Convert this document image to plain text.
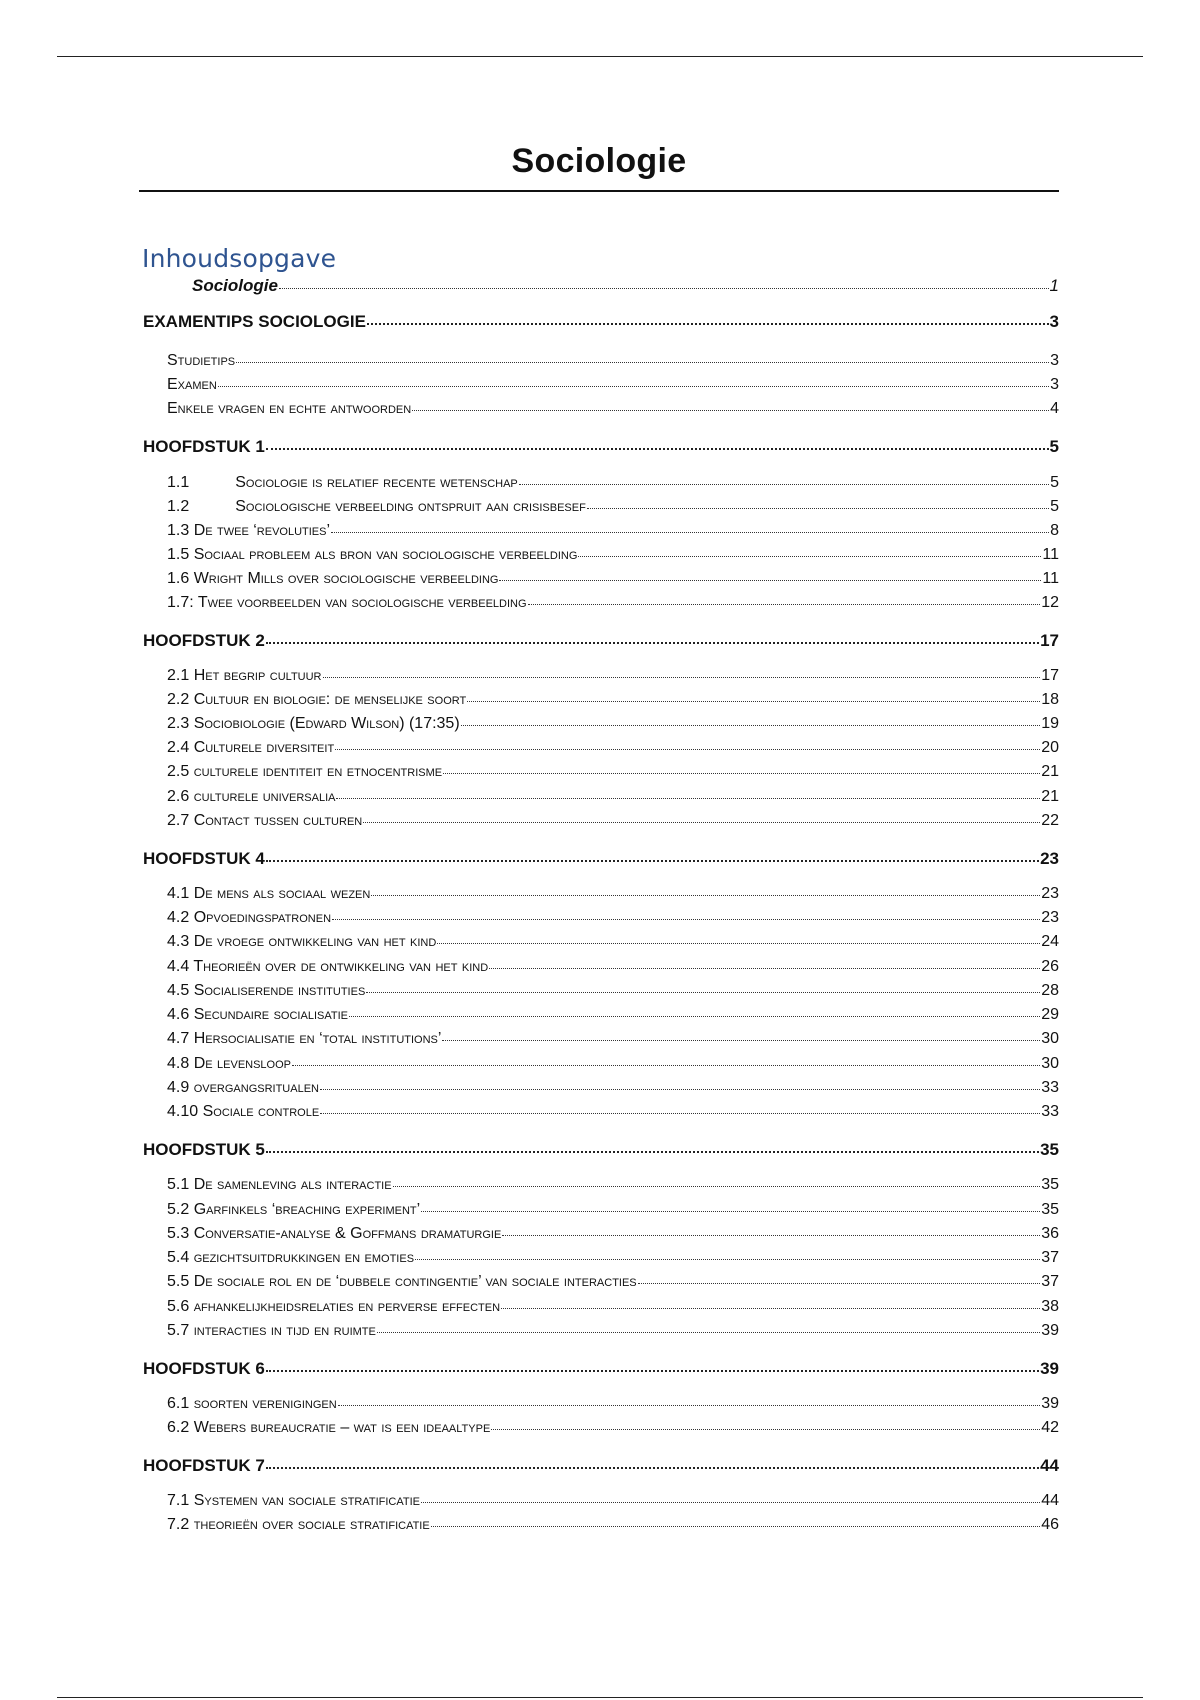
Sociologie
Inhoudsopgave
Sociologie	1
EXAMENTIPS SOCIOLOGIE	3
Studietips	3
Examen	3
Enkele vragen en echte antwoorden	4
HOOFDSTUK 1	5
1.1	Sociologie is relatief recente wetenschap	5
1.2	Sociologische verbeelding ontspruit aan crisisbesef	5
1.3 De twee ‘revoluties’	8
1.5 Sociaal probleem als bron van sociologische verbeelding	11
1.6 Wright Mills over sociologische verbeelding	11
1.7: Twee voorbeelden van sociologische verbeelding	12
HOOFDSTUK 2	17
2.1 Het begrip cultuur	17
2.2 Cultuur en biologie: de menselijke soort	18
2.3 Sociobiologie (Edward Wilson) (17:35)	19
2.4 Culturele diversiteit	20
2.5 culturele identiteit en etnocentrisme	21
2.6 culturele universalia	21
2.7 Contact tussen culturen	22
HOOFDSTUK 4	23
4.1 De mens als sociaal wezen	23
4.2 Opvoedingspatronen	23
4.3 De vroege ontwikkeling van het kind	24
4.4 Theorieën over de ontwikkeling van het kind	26
4.5 Socialiserende instituties	28
4.6 Secundaire socialisatie	29
4.7 Hersocialisatie en ‘total institutions’	30
4.8 De levensloop	30
4.9 overgangsritualen	33
4.10 Sociale controle	33
HOOFDSTUK 5	35
5.1 De samenleving als interactie	35
5.2 Garfinkels ‘breaching experiment’	35
5.3 Conversatie-analyse & Goffmans dramaturgie	36
5.4 gezichtsuitdrukkingen en emoties	37
5.5 De sociale rol en de ‘dubbele contingentie’ van sociale interacties	37
5.6 afhankelijkheidsrelaties en perverse effecten	38
5.7 interacties in tijd en ruimte	39
HOOFDSTUK 6	39
6.1 soorten verenigingen	39
6.2 Webers bureaucratie – wat is een ideaaltype	42
HOOFDSTUK 7	44
7.1 Systemen van sociale stratificatie	44
7.2 theorieën over sociale stratificatie	46
